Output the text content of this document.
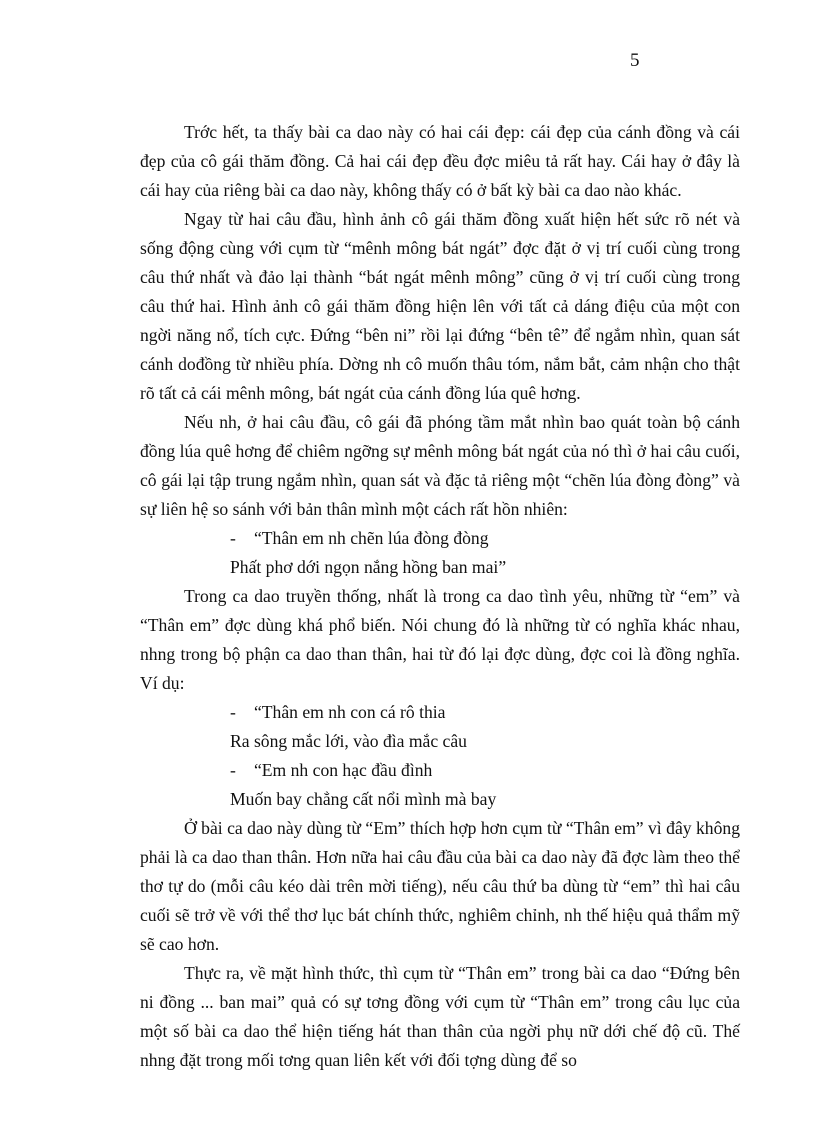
5

Trớc hết, ta thấy bài ca dao này có hai cái đẹp: cái đẹp của cánh đồng và cái đẹp của cô gái thăm đồng. Cả hai cái đẹp đều đợc miêu tả rất hay. Cái hay ở đây là cái hay của riêng bài ca dao này, không thấy có ở bất kỳ bài ca dao nào khác.

Ngay từ hai câu đầu, hình ảnh cô gái thăm đồng xuất hiện hết sức rõ nét và sống động cùng với cụm từ “mênh mông bát ngát” đợc đặt ở vị trí cuối cùng trong câu thứ nhất và đảo lại thành “bát ngát mênh mông” cũng ở vị trí cuối cùng trong câu thứ hai. Hình ảnh cô gái thăm đồng hiện lên với tất cả dáng điệu của một con ngời năng nổ, tích cực. Đứng “bên ni” rồi lại đứng “bên tê” để ngắm nhìn, quan sát cánh dođồng từ nhiều phía. Dờng nh cô muốn thâu tóm, nắm bắt, cảm nhận cho thật rõ tất cả cái mênh mông, bát ngát của cánh đồng lúa quê hơng.

Nếu nh, ở hai câu đầu, cô gái đã phóng tầm mắt nhìn bao quát toàn bộ cánh đồng lúa quê hơng để chiêm ngỡng sự mênh mông bát ngát của nó thì ở hai câu cuối, cô gái lại tập trung ngắm nhìn, quan sát và đặc tả riêng một “chẽn lúa đòng đòng” và sự liên hệ so sánh với bản thân mình một cách rất hồn nhiên:

- “Thân em nh chẽn lúa đòng đòng

Phất phơ dới ngọn nắng hồng ban mai”

Trong ca dao truyền thống, nhất là trong ca dao tình yêu, những từ “em” và “Thân em” đợc dùng khá phổ biến. Nói chung đó là những từ có nghĩa khác nhau, nhng trong bộ phận ca dao than thân, hai từ đó lại đợc dùng, đợc coi là đồng nghĩa. Ví dụ:

- “Thân em nh con cá rô thia

Ra sông mắc lới, vào đìa mắc câu

- “Em nh con hạc đầu đình

Muốn bay chẳng cất nổi mình mà bay

Ở bài ca dao này dùng từ “Em” thích hợp hơn cụm từ “Thân em” vì đây không phải là ca dao than thân. Hơn nữa hai câu đầu của bài ca dao này đã đợc làm theo thể thơ tự do (mỗi câu kéo dài trên mời tiếng), nếu câu thứ ba dùng từ “em” thì hai câu cuối sẽ trở về với thể thơ lục bát chính thức, nghiêm chỉnh, nh thế hiệu quả thẩm mỹ sẽ cao hơn.

Thực ra, về mặt hình thức, thì cụm từ “Thân em” trong bài ca dao “Đứng bên ni đồng ... ban mai” quả có sự tơng đồng với cụm từ “Thân em” trong câu lục của một số bài ca dao thể hiện tiếng hát than thân của ngời phụ nữ dới chế độ cũ. Thế nhng đặt trong mối tơng quan liên kết với đối tợng dùng để so
